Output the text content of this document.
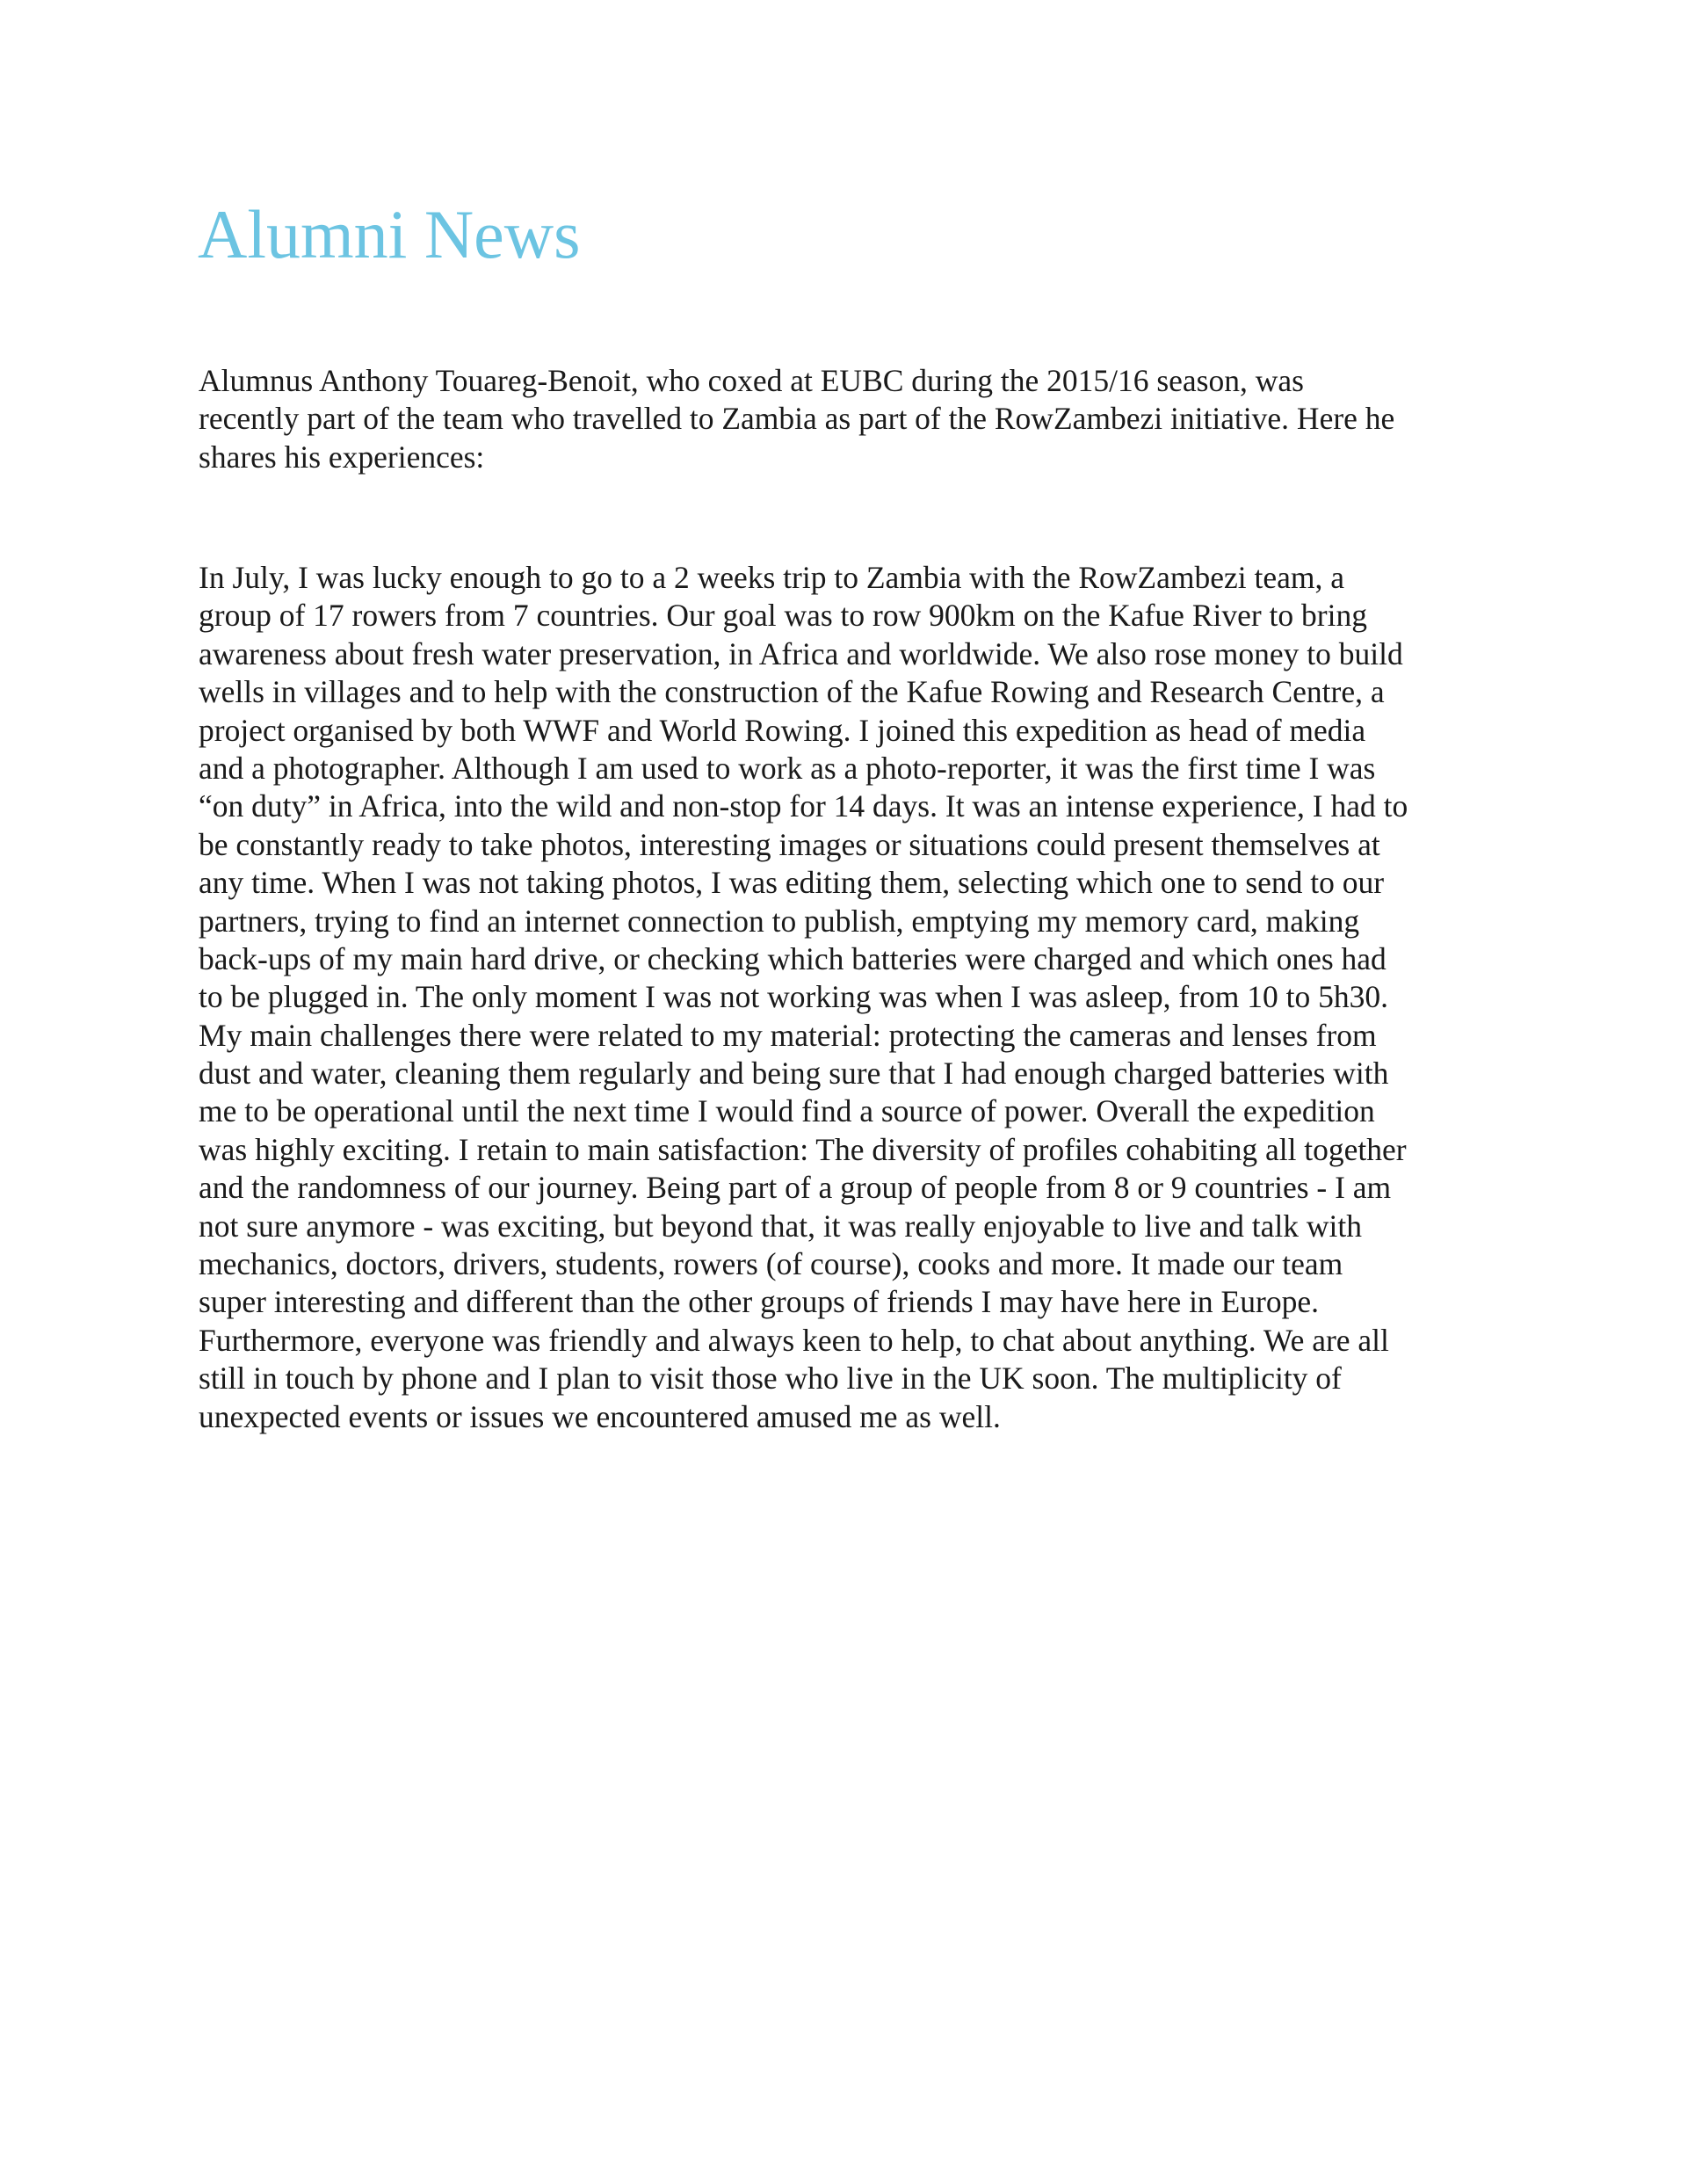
Alumni News
Alumnus Anthony Touareg-Benoit, who coxed at EUBC during the 2015/16 season, was
recently part of the team who travelled to Zambia as part of the RowZambezi initiative. Here he
shares his experiences:
In July, I was lucky enough to go to a 2 weeks trip to Zambia with the RowZambezi team, a
group of 17 rowers from 7 countries. Our goal was to row 900km on the Kafue River to bring
awareness about fresh water preservation, in Africa and worldwide. We also rose money to build
wells in villages and to help with the construction of the Kafue Rowing and Research Centre, a
project organised by both WWF and World Rowing. I joined this expedition as head of media
and a photographer. Although I am used to work as a photo-reporter, it was the first time I was
“on duty” in Africa, into the wild and non-stop for 14 days. It was an intense experience, I had to
be constantly ready to take photos, interesting images or situations could present themselves at
any time. When I was not taking photos, I was editing them, selecting which one to send to our
partners, trying to find an internet connection to publish, emptying my memory card, making
back-ups of my main hard drive, or checking which batteries were charged and which ones had
to be plugged in. The only moment I was not working was when I was asleep, from 10 to 5h30.
My main challenges there were related to my material: protecting the cameras and lenses from
dust and water, cleaning them regularly and being sure that I had enough charged batteries with
me to be operational until the next time I would find a source of power. Overall the expedition
was highly exciting. I retain to main satisfaction: The diversity of profiles cohabiting all together
and the randomness of our journey. Being part of a group of people from 8 or 9 countries - I am
not sure anymore - was exciting, but beyond that, it was really enjoyable to live and talk with
mechanics, doctors, drivers, students, rowers (of course), cooks and more. It made our team
super interesting and different than the other groups of friends I may have here in Europe.
Furthermore, everyone was friendly and always keen to help, to chat about anything. We are all
still in touch by phone and I plan to visit those who live in the UK soon. The multiplicity of
unexpected events or issues we encountered amused me as well.
